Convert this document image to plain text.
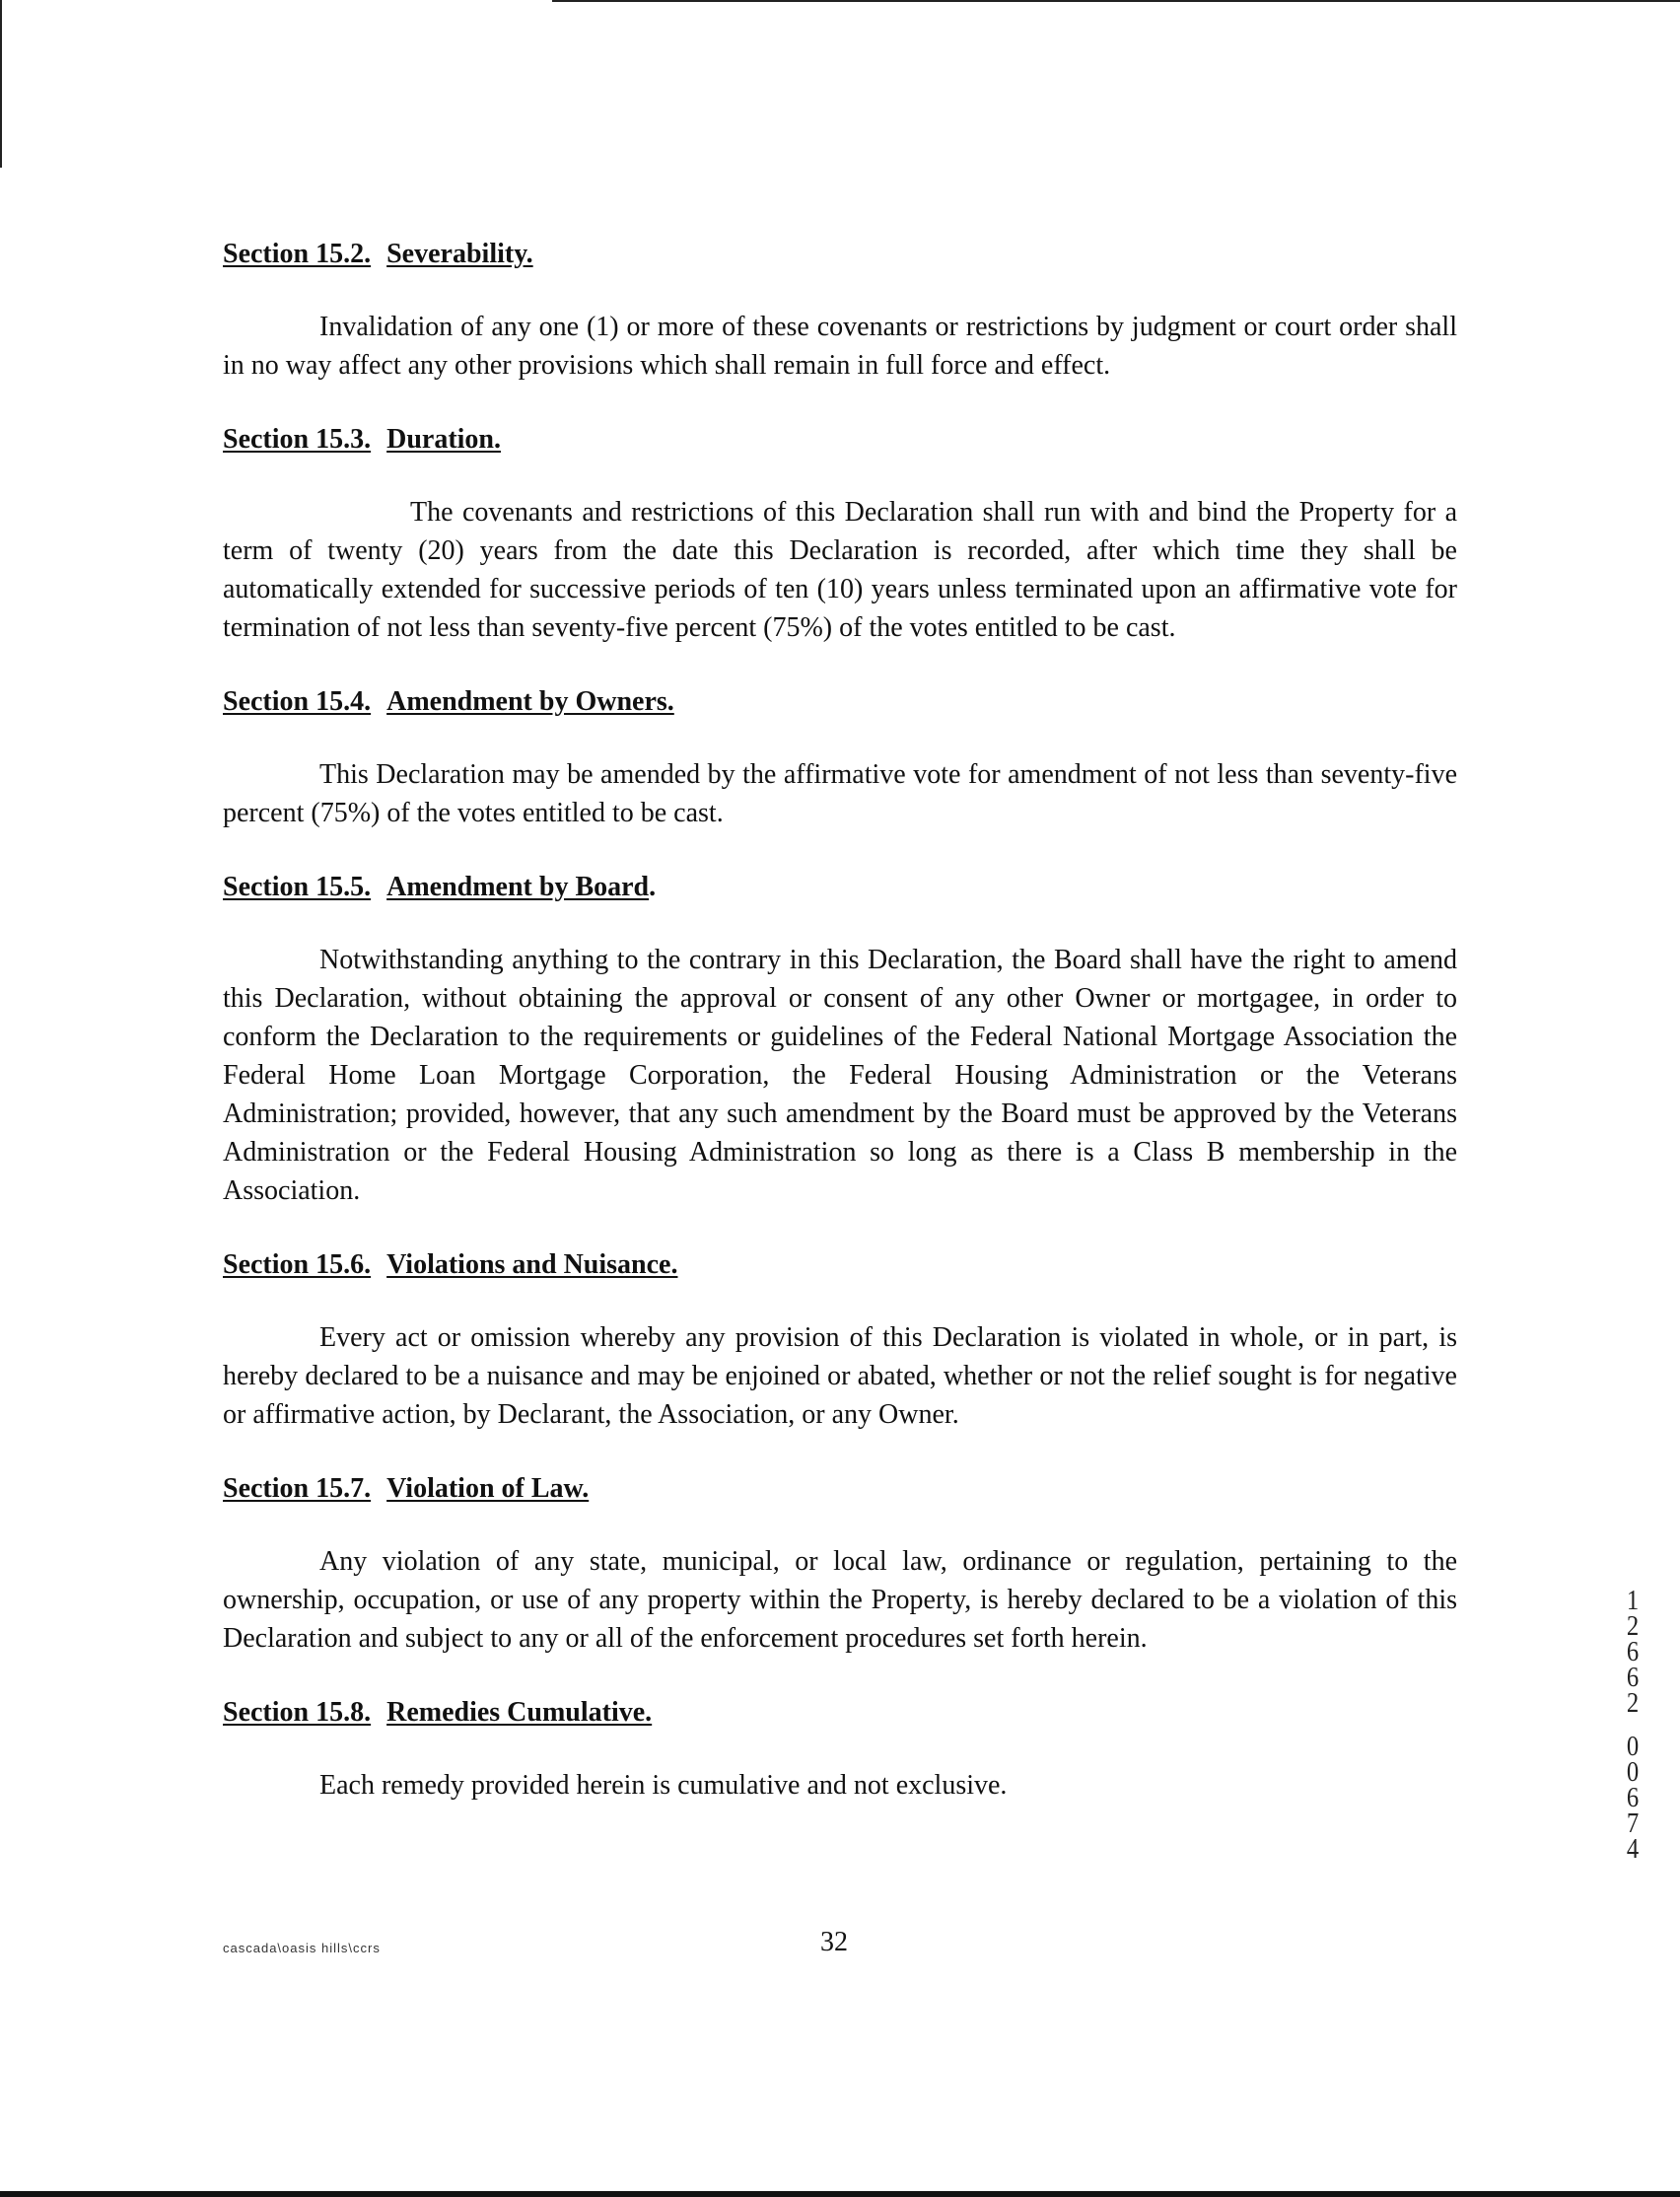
Section 15.2. Severability.

Invalidation of any one (1) or more of these covenants or restrictions by judgment or court order shall in no way affect any other provisions which shall remain in full force and effect.

Section 15.3. Duration.

The covenants and restrictions of this Declaration shall run with and bind the Property for a term of twenty (20) years from the date this Declaration is recorded, after which time they shall be automatically extended for successive periods of ten (10) years unless terminated upon an affirmative vote for termination of not less than seventy-five percent (75%) of the votes entitled to be cast.

Section 15.4. Amendment by Owners.

This Declaration may be amended by the affirmative vote for amendment of not less than seventy-five percent (75%) of the votes entitled to be cast.

Section 15.5. Amendment by Board.

Notwithstanding anything to the contrary in this Declaration, the Board shall have the right to amend this Declaration, without obtaining the approval or consent of any other Owner or mortgagee, in order to conform the Declaration to the requirements or guidelines of the Federal National Mortgage Association the Federal Home Loan Mortgage Corporation, the Federal Housing Administration or the Veterans Administration; provided, however, that any such amendment by the Board must be approved by the Veterans Administration or the Federal Housing Administration so long as there is a Class B membership in the Association.

Section 15.6. Violations and Nuisance.

Every act or omission whereby any provision of this Declaration is violated in whole, or in part, is hereby declared to be a nuisance and may be enjoined or abated, whether or not the relief sought is for negative or affirmative action, by Declarant, the Association, or any Owner.

Section 15.7. Violation of Law.

Any violation of any state, municipal, or local law, ordinance or regulation, pertaining to the ownership, occupation, or use of any property within the Property, is hereby declared to be a violation of this Declaration and subject to any or all of the enforcement procedures set forth herein.

Section 15.8. Remedies Cumulative.

Each remedy provided herein is cumulative and not exclusive.

cascada\oasis hills\ccrs	32
1
2
6
6
2
0
0
6
7
4
